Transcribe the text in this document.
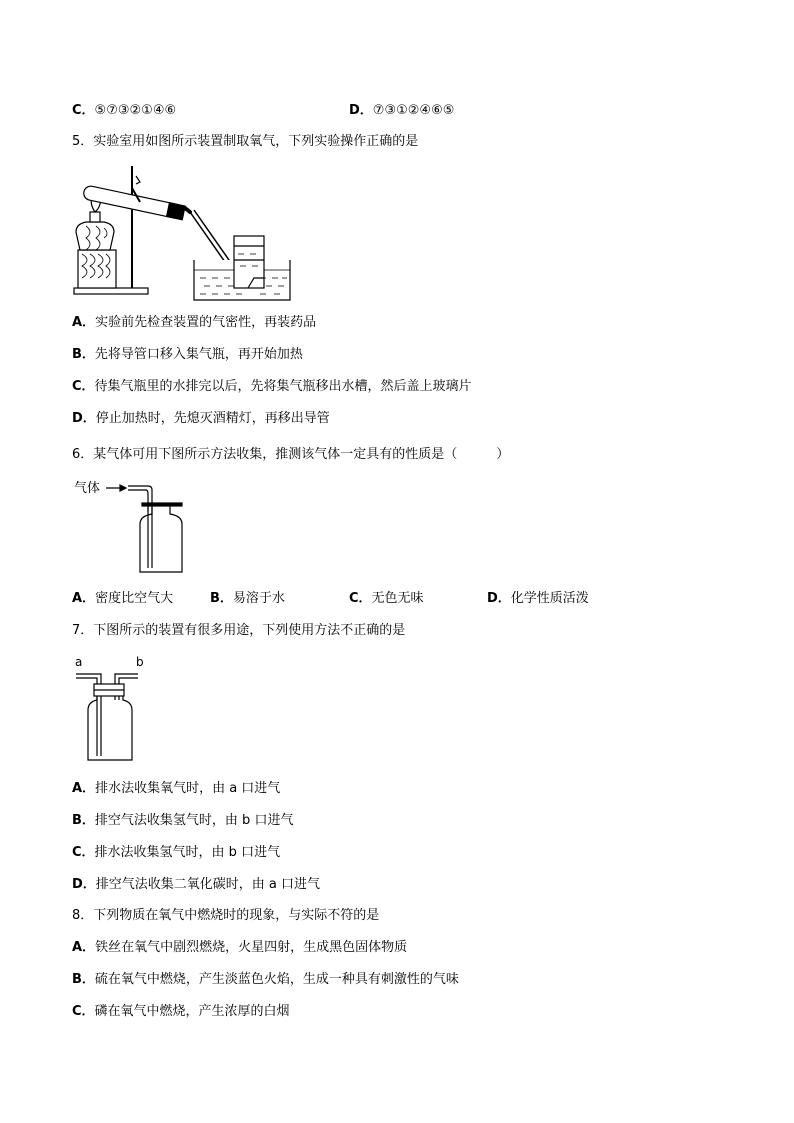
C．⑤⑦③②①④⑥	D．⑦③①②④⑥⑤
5．实验室用如图所示装置制取氧气，下列实验操作正确的是
A．实验前先检查装置的气密性，再装药品
B．先将导管口移入集气瓶，再开始加热
C．待集气瓶里的水排完以后，先将集气瓶移出水槽，然后盖上玻璃片
D．停止加热时，先熄灭酒精灯，再移出导管
6．某气体可用下图所示方法收集，推测该气体一定具有的性质是（　　　）
气体
A．密度比空气大	B．易溶于水	C．无色无味	D．化学性质活泼
7．下图所示的装置有很多用途，下列使用方法不正确的是
a	b
A．排水法收集氧气时，由 a 口进气
B．排空气法收集氢气时，由 b 口进气
C．排水法收集氢气时，由 b 口进气
D．排空气法收集二氧化碳时，由 a 口进气
8．下列物质在氧气中燃烧时的现象，与实际不符的是
A．铁丝在氧气中剧烈燃烧，火星四射，生成黑色固体物质
B．硫在氧气中燃烧，产生淡蓝色火焰，生成一种具有刺激性的气味
C．磷在氧气中燃烧，产生浓厚的白烟
